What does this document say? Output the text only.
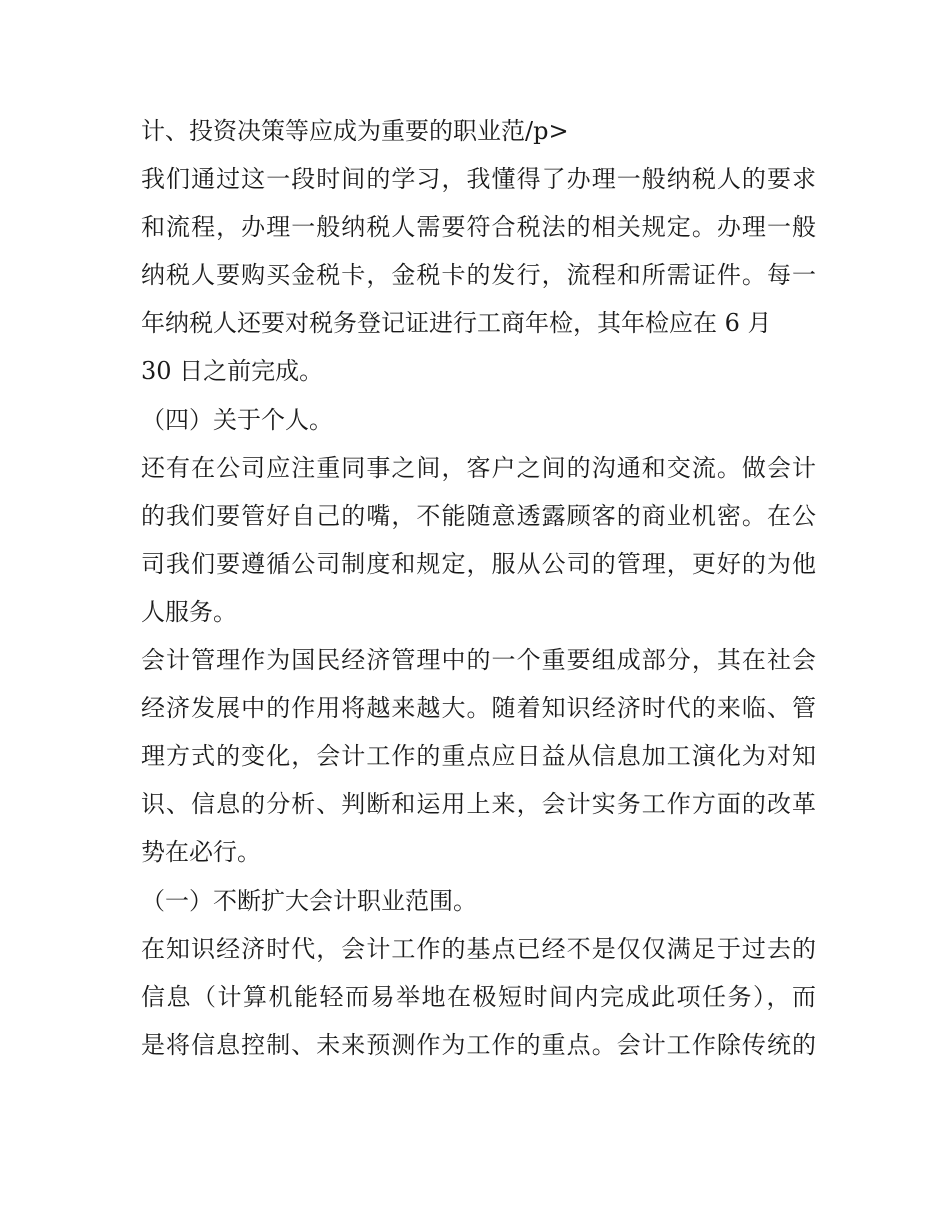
计、投资决策等应成为重要的职业范/p>
我们通过这一段时间的学习，我懂得了办理一般纳税人的要求
和流程，办理一般纳税人需要符合税法的相关规定。办理一般
纳税人要购买金税卡，金税卡的发行，流程和所需证件。每一
年纳税人还要对税务登记证进行工商年检，其年检应在 6 月
30 日之前完成。
（四）关于个人。
还有在公司应注重同事之间，客户之间的沟通和交流。做会计
的我们要管好自己的嘴，不能随意透露顾客的商业机密。在公
司我们要遵循公司制度和规定，服从公司的管理，更好的为他
人服务。
会计管理作为国民经济管理中的一个重要组成部分，其在社会
经济发展中的作用将越来越大。随着知识经济时代的来临、管
理方式的变化，会计工作的重点应日益从信息加工演化为对知
识、信息的分析、判断和运用上来，会计实务工作方面的改革
势在必行。
（一）不断扩大会计职业范围。
在知识经济时代，会计工作的基点已经不是仅仅满足于过去的
信息（计算机能轻而易举地在极短时间内完成此项任务），而
是将信息控制、未来预测作为工作的重点。会计工作除传统的
